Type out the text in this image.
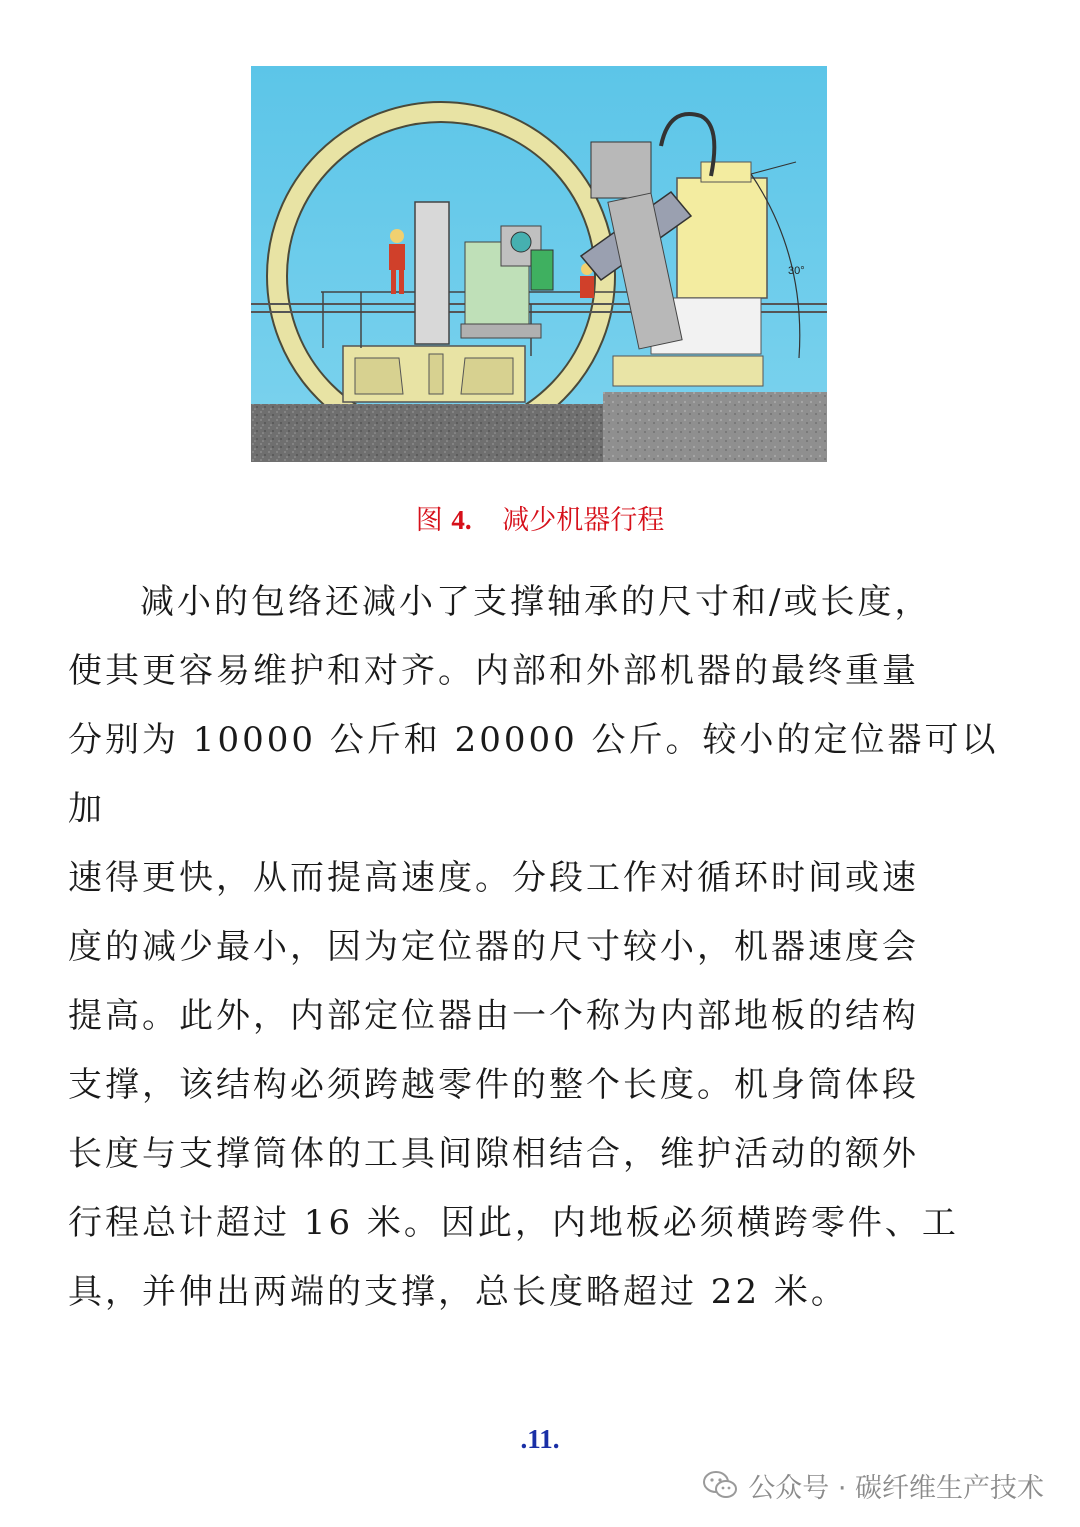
30°
图 4. 减少机器行程

减小的包络还减小了支撑轴承的尺寸和/或长度，
使其更容易维护和对齐。内部和外部机器的最终重量
分别为 10000 公斤和 20000 公斤。较小的定位器可以加
速得更快，从而提高速度。分段工作对循环时间或速
度的减少最小，因为定位器的尺寸较小，机器速度会
提高。此外，内部定位器由一个称为内部地板的结构
支撑，该结构必须跨越零件的整个长度。机身筒体段
长度与支撑筒体的工具间隙相结合，维护活动的额外
行程总计超过 16 米。因此，内地板必须横跨零件、工
具，并伸出两端的支撑，总长度略超过 22 米。

.11.
公众号 · 碳纤维生产技术
